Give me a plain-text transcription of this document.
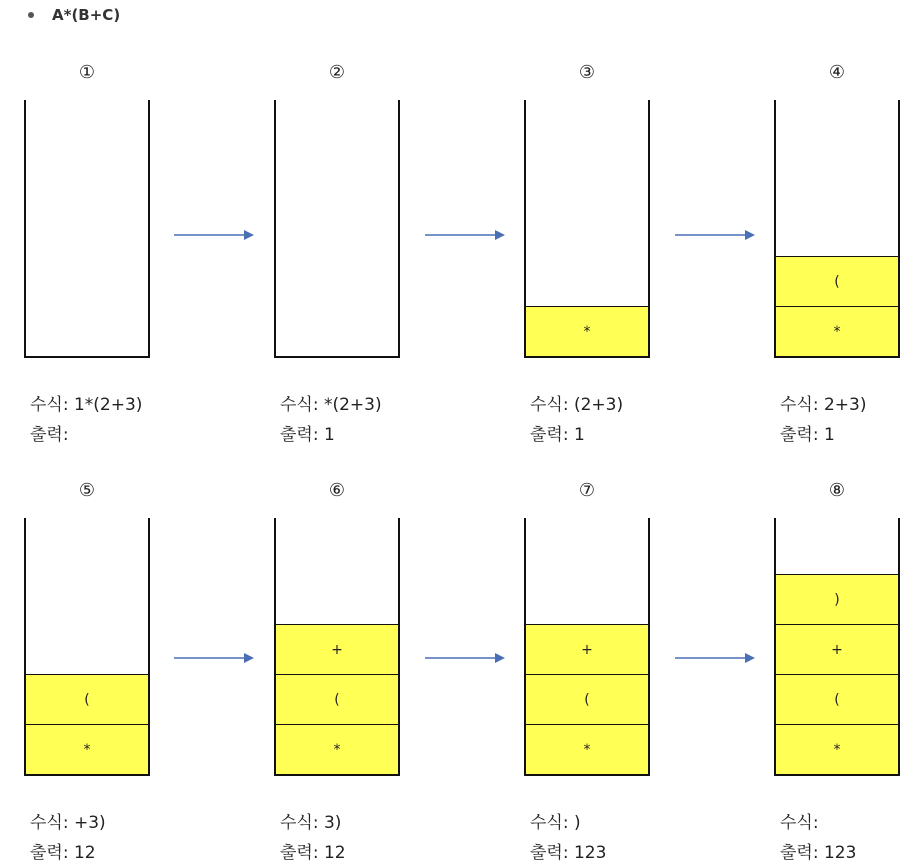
A*(B+C)
①
수식: 1*(2+3)
출력:
②
수식: *(2+3)
출력: 1
③
*
수식: (2+3)
출력: 1
④
*
(
수식: 2+3)
출력: 1
⑤
*
(
수식: +3)
출력: 12
⑥
*
(
+
수식: 3)
출력: 12
⑦
*
(
+
수식: )
출력: 123
⑧
*
(
+
)
수식:
출력: 123
